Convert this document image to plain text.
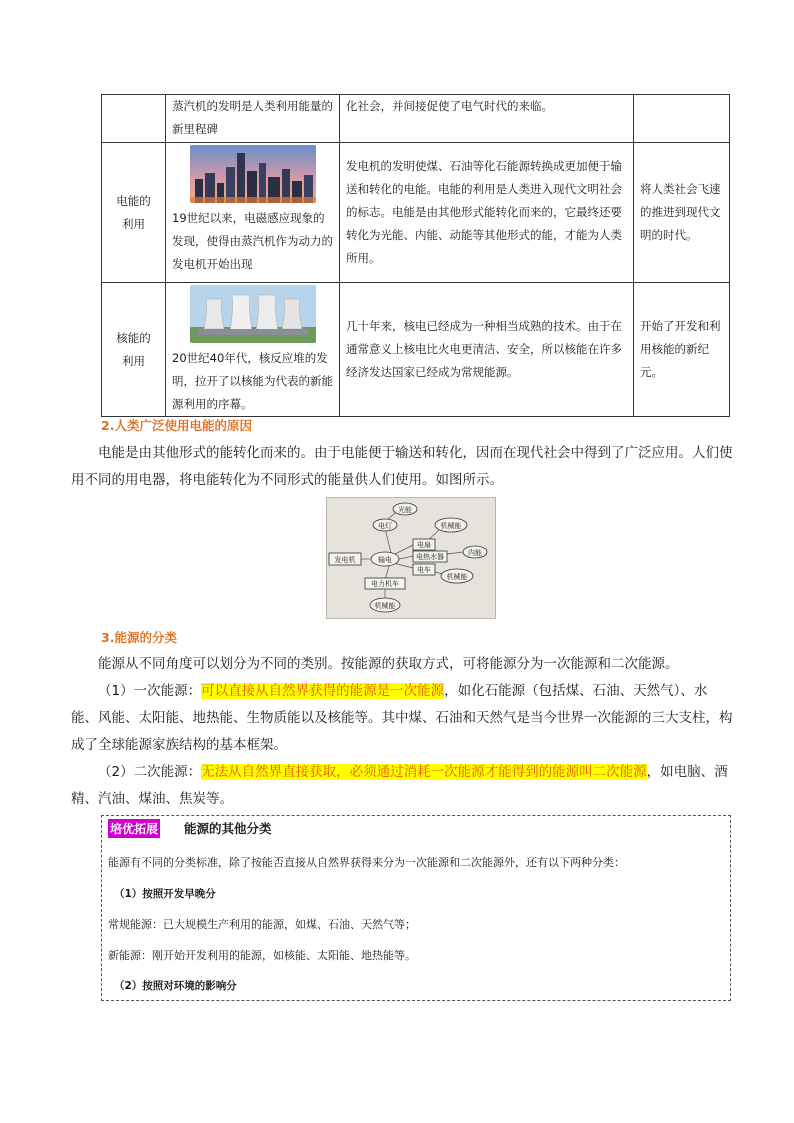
	蒸汽机的发明是人类利用能量的新里程碑	化社会，并间接促使了电气时代的来临。	
电能的利用	19世纪以来，电磁感应现象的发现，使得由蒸汽机作为动力的发电机开始出现	发电机的发明使煤、石油等化石能源转换成更加便于输送和转化的电能。电能的利用是人类进入现代文明社会的标志。电能是由其他形式能转化而来的，它最终还要转化为光能、内能、动能等其他形式的能，才能为人类所用。	将人类社会飞速的推进到现代文明的时代。
核能的利用	20世纪40年代，核反应堆的发明，拉开了以核能为代表的新能源利用的序幕。	几十年来，核电已经成为一种相当成熟的技术。由于在通常意义上核电比火电更清洁、安全，所以核能在许多经济发达国家已经成为常规能源。	开始了开发和利用核能的新纪元。
2.人类广泛使用电能的原因
电能是由其他形式的能转化而来的。由于电能便于输送和转化，因而在现代社会中得到了广泛应用。人们使用不同的用电器，将电能转化为不同形式的能量供人们使用。如图所示。
光能
电灯	机械能
发电机	输电
电扇
电热水器	内能
电车
机械能
电力机车
机械能
3.能源的分类
能源从不同角度可以划分为不同的类别。按能源的获取方式，可将能源分为一次能源和二次能源。
（1）一次能源：可以直接从自然界获得的能源是一次能源，如化石能源（包括煤、石油、天然气）、水能、风能、太阳能、地热能、生物质能以及核能等。其中煤、石油和天然气是当今世界一次能源的三大支柱，构成了全球能源家族结构的基本框架。
（2）二次能源：无法从自然界直接获取，必须通过消耗一次能源才能得到的能源叫二次能源，如电脑、酒精、汽油、煤油、焦炭等。
培优拓展 能源的其他分类
能源有不同的分类标准，除了按能否直接从自然界获得来分为一次能源和二次能源外，还有以下两种分类：
（1）按照开发早晚分
常规能源：已大规模生产利用的能源，如煤、石油、天然气等；
新能源：刚开始开发利用的能源，如核能、太阳能、地热能等。
（2）按照对环境的影响分
